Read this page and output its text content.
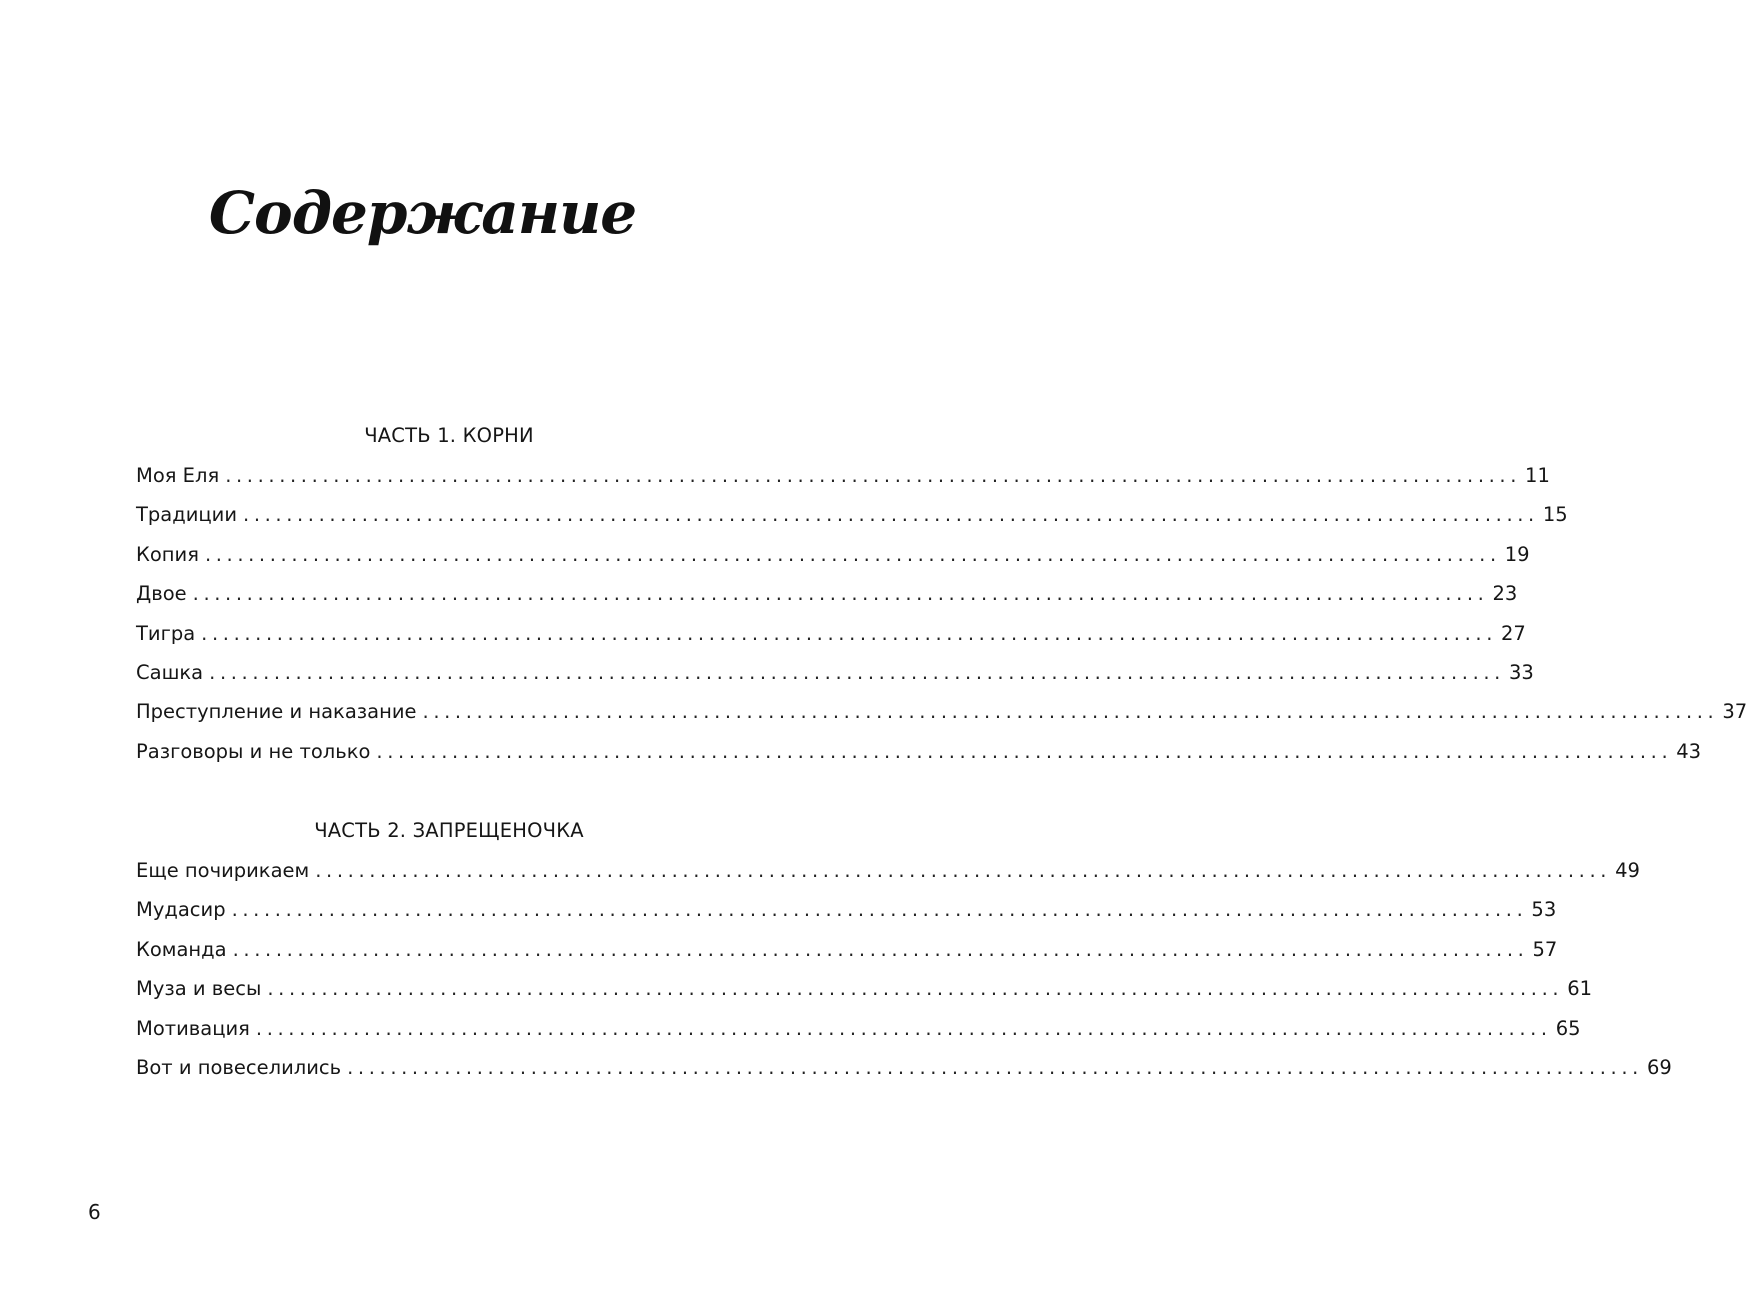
Содержание
ЧАСТЬ 1. КОРНИ
Моя Еля ........................................................................................................................ 11
Традиции ........................................................................................................................ 15
Копия ........................................................................................................................ 19
Двое ........................................................................................................................ 23
Тигра ........................................................................................................................ 27
Сашка ........................................................................................................................ 33
Преступление и наказание ........................................................................................................................ 37
Разговоры и не только ........................................................................................................................ 43
ЧАСТЬ 2. ЗАПРЕЩЕНОЧКА
Еще почирикаем ........................................................................................................................ 49
Мудасир ........................................................................................................................ 53
Команда ........................................................................................................................ 57
Муза и весы ........................................................................................................................ 61
Мотивация ........................................................................................................................ 65
Вот и повеселились ........................................................................................................................ 69
6
